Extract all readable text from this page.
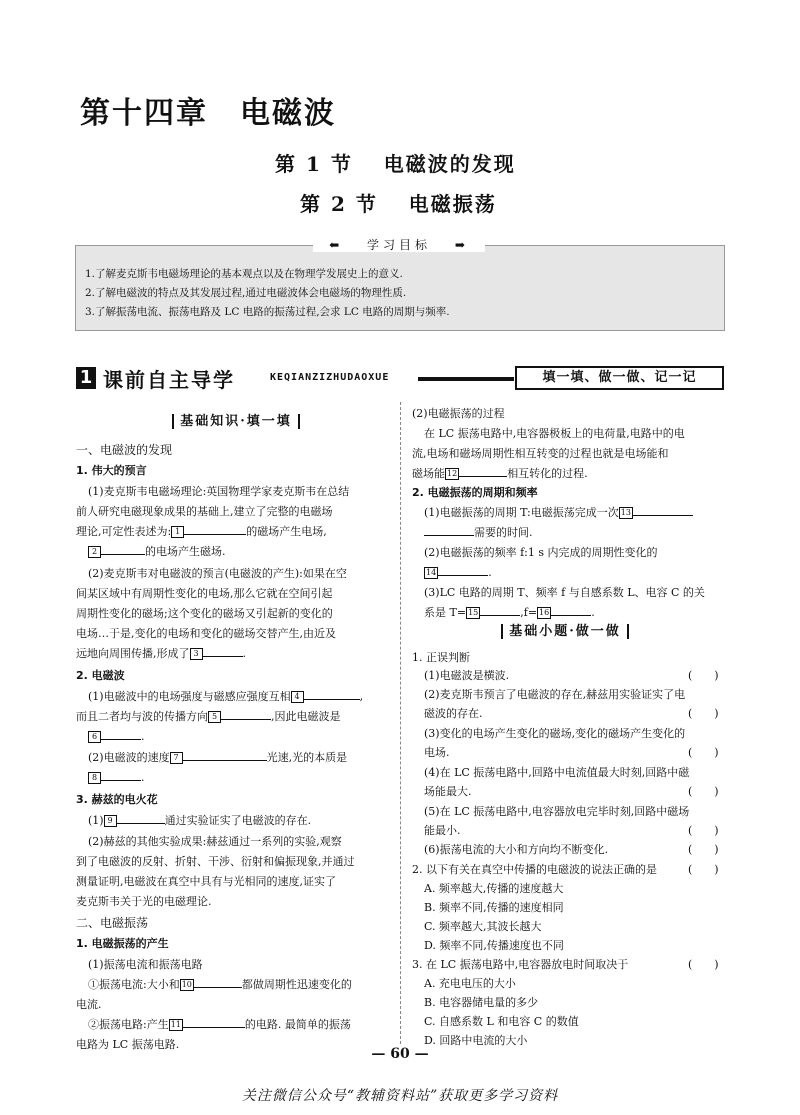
第十四章　电磁波
第 1 节　 电磁波的发现
第 2 节　 电磁振荡
⬅ 学习目标 ➡
1.了解麦克斯韦电磁场理论的基本观点以及在物理学发展史上的意义.
2.了解电磁波的特点及其发展过程,通过电磁波体会电磁场的物理性质.
3.了解振荡电流、振荡电路及 LC 电路的振荡过程,会求 LC 电路的周期与频率.
1 课前自主导学	KEQIANZIZHUDAOXUE	填一填、做一做、记一记
基础知识·填一填
一、电磁波的发现
1. 伟大的预言
(1)麦克斯韦电磁场理论:英国物理学家麦克斯韦在总结
前人研究电磁现象成果的基础上,建立了完整的电磁场
理论,可定性表述为: 1	的磁场产生电场,
2	的电场产生磁场.
(2)麦克斯韦对电磁波的预言(电磁波的产生):如果在空
间某区域中有周期性变化的电场,那么它就在空间引起
周期性变化的磁场;这个变化的磁场又引起新的变化的
电场…于是,变化的电场和变化的磁场交替产生,由近及
远地向周围传播,形成了 3	.
2. 电磁波
(1)电磁波中的电场强度与磁感应强度互相 4	,
而且二者均与波的传播方向 5	,因此电磁波是
6	.
(2)电磁波的速度 7	光速,光的本质是
8	.
3. 赫兹的电火花
(1) 9	通过实验证实了电磁波的存在.
(2)赫兹的其他实验成果:赫兹通过一系列的实验,观察
到了电磁波的反射、折射、干涉、衍射和偏振现象,并通过
测量证明,电磁波在真空中具有与光相同的速度,证实了
麦克斯韦关于光的电磁理论.
二、电磁振荡
1. 电磁振荡的产生
(1)振荡电流和振荡电路
①振荡电流:大小和 10	都做周期性迅速变化的
电流.
②振荡电路:产生 11	的电路. 最简单的振荡
电路为 LC 振荡电路.
(2)电磁振荡的过程
在 LC 振荡电路中,电容器极板上的电荷量,电路中的电
流,电场和磁场周期性相互转变的过程也就是电场能和
磁场能 12	相互转化的过程.
2. 电磁振荡的周期和频率
(1)电磁振荡的周期 T:电磁振荡完成一次 13
需要的时间.
(2)电磁振荡的频率 f:1 s 内完成的周期性变化的
14	.
(3)LC 电路的周期 T、频率 f 与自感系数 L、电容 C 的关
系是 T= 15	,f= 16	.
基础小题·做一做
1. 正误判断
(1)电磁波是横波.	(　　)
(2)麦克斯韦预言了电磁波的存在,赫兹用实验证实了电
磁波的存在.	(　　)
(3)变化的电场产生变化的磁场,变化的磁场产生变化的
电场.	(　　)
(4)在 LC 振荡电路中,回路中电流值最大时刻,回路中磁
场能最大.	(　　)
(5)在 LC 振荡电路中,电容器放电完毕时刻,回路中磁场
能最小.	(　　)
(6)振荡电流的大小和方向均不断变化.	(　　)
2. 以下有关在真空中传播的电磁波的说法正确的是	(　　)
A. 频率越大,传播的速度越大
B. 频率不同,传播的速度相同
C. 频率越大,其波长越大
D. 频率不同,传播速度也不同
3. 在 LC 振荡电路中,电容器放电时间取决于	(　　)
A. 充电电压的大小
B. 电容器储电量的多少
C. 自感系数 L 和电容 C 的数值
D. 回路中电流的大小
— 60 —
关注微信公众号“教辅资料站”获取更多学习资料
